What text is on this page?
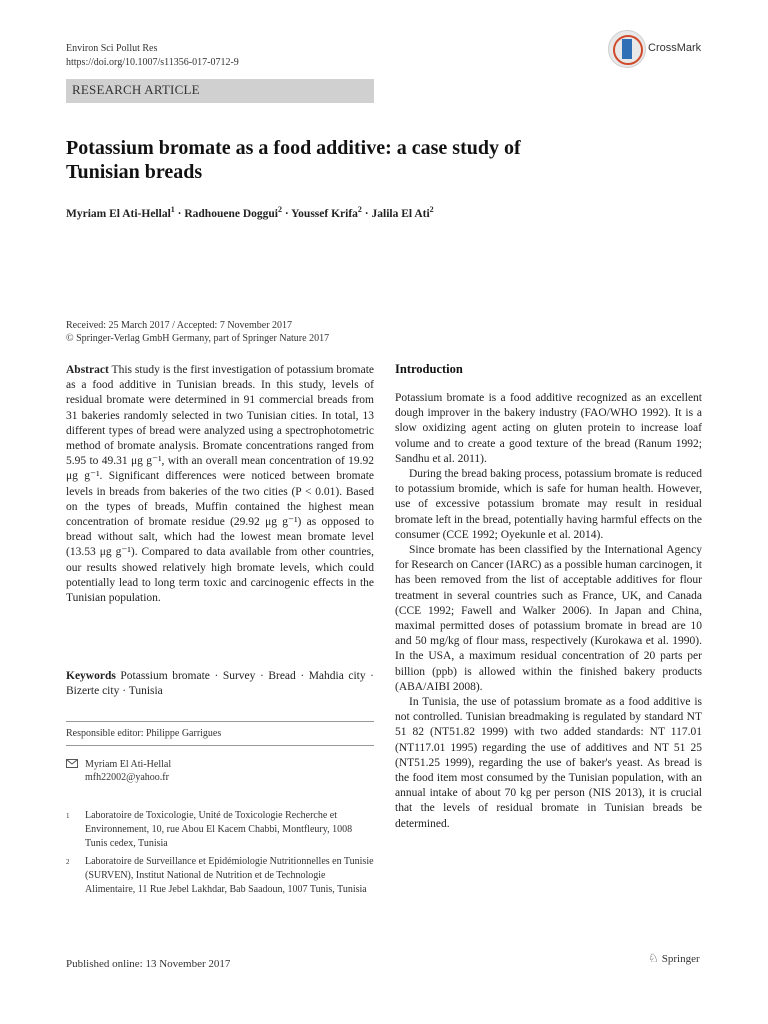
Environ Sci Pollut Res
https://doi.org/10.1007/s11356-017-0712-9
CrossMark
RESEARCH ARTICLE
Potassium bromate as a food additive: a case study of Tunisian breads
Myriam El Ati-Hellal$^1$ · Radhouene Doggui$^2$ · Youssef Krifa$^2$ · Jalila El Ati$^2$
Received: 25 March 2017 / Accepted: 7 November 2017
© Springer-Verlag GmbH Germany, part of Springer Nature 2017
Abstract This study is the first investigation of potassium bromate as a food additive in Tunisian breads. In this study, levels of residual bromate were determined in 91 commercial breads from 31 bakeries randomly selected in two Tunisian cities. In total, 13 different types of bread were analyzed using a spectrophotometric method of bromate analysis. Bromate concentrations ranged from 5.95 to 49.31 μg g⁻¹, with an overall mean concentration of 19.92 μg g⁻¹. Significant differences were noticed between bromate levels in breads from bakeries of the two cities (P < 0.01). Based on the types of breads, Muffin contained the highest mean concentration of bromate residue (29.92 μg g⁻¹) as opposed to bread without salt, which had the lowest mean bromate level (13.53 μg g⁻¹). Compared to data available from other countries, our results showed relatively high bromate levels, which could potentially lead to long term toxic and carcinogenic effects in the Tunisian population.
Keywords Potassium bromate · Survey · Bread · Mahdia city · Bizerte city · Tunisia
Responsible editor: Philippe Garrigues
Myriam El Ati-Hellal
mfh22002@yahoo.fr
1 Laboratoire de Toxicologie, Unité de Toxicologie Recherche et Environnement, 10, rue Abou El Kacem Chabbi, Montfleury, 1008 Tunis cedex, Tunisia
2 Laboratoire de Surveillance et Epidémiologie Nutritionnelles en Tunisie (SURVEN), Institut National de Nutrition et de Technologie Alimentaire, 11 Rue Jebel Lakhdar, Bab Saadoun, 1007 Tunis, Tunisia
Introduction

Potassium bromate is a food additive recognized as an excellent dough improver in the bakery industry (FAO/WHO 1992). It is a slow oxidizing agent acting on gluten protein to increase loaf volume and to create a good texture of the bread (Ranum 1992; Sandhu et al. 2011).

During the bread baking process, potassium bromate is reduced to potassium bromide, which is safe for human health. However, use of excessive potassium bromate may result in residual bromate left in the bread, potentially having harmful effects on the consumer (CCE 1992; Oyekunle et al. 2014).

Since bromate has been classified by the International Agency for Research on Cancer (IARC) as a possible human carcinogen, it has been removed from the list of acceptable additives for flour treatment in several countries such as France, UK, and Canada (CCE 1992; Fawell and Walker 2006). In Japan and China, maximal permitted doses of potassium bromate in bread are 10 and 50 mg/kg of flour mass, respectively (Kurokawa et al. 1990). In the USA, a maximum residual concentration of 20 parts per billion (ppb) is allowed within the finished bakery products (ABA/AIBI 2008).

In Tunisia, the use of potassium bromate as a food additive is not controlled. Tunisian breadmaking is regulated by standard NT 51 82 (NT51.82 1999) with two added standards: NT 117.01 (NT117.01 1995) regarding the use of additives and NT 51 25 (NT51.25 1999), regarding the use of baker's yeast. As bread is the food item most consumed by the Tunisian population, with an annual intake of about 70 kg per person (NIS 2013), it is crucial that the levels of residual bromate in Tunisian breads be determined.

Published online: 13 November 2017	♘ Springer
